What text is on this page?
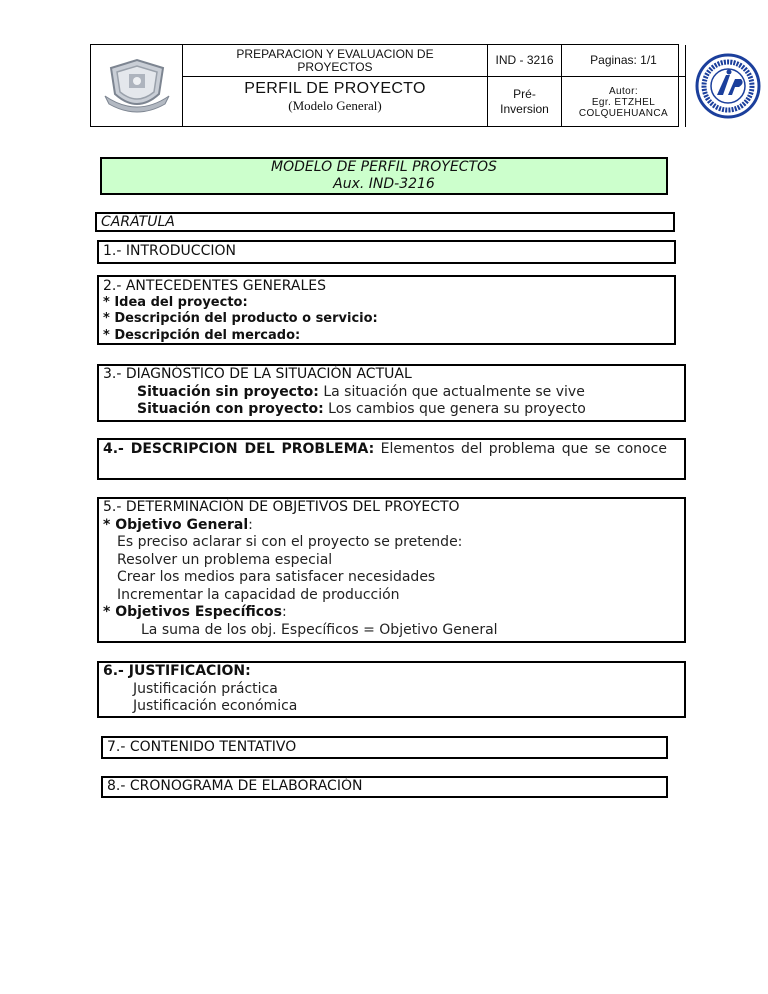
PREPARACION Y EVALUACION DE PROYECTOS	IND - 3216	Paginas: 1/1
PERFIL DE PROYECTO
(Modelo General)
Pré- Inversion
Autor:
Egr. ETZHEL COLQUEHUANCA
MODELO DE PERFIL PROYECTOS
Aux. IND-3216
CARÁTULA
1.- INTRODUCCION
2.- ANTECEDENTES GENERALES
* Idea del proyecto:
* Descripción del producto o servicio:
* Descripción del mercado:
3.- DIAGNÓSTICO DE LA SITUACIÓN ACTUAL
Situación sin proyecto: La situación que actualmente se vive
Situación con proyecto: Los cambios que genera su proyecto
4.- DESCRIPCION DEL PROBLEMA: Elementos del problema que se conoce
5.- DETERMINACIÓN DE OBJETIVOS DEL PROYECTO
* Objetivo General:
Es preciso aclarar si con el proyecto se pretende:
Resolver un problema especial
Crear los medios para satisfacer necesidades
Incrementar la capacidad de producción
* Objetivos Específicos:
La suma de los obj. Específicos = Objetivo General
6.- JUSTIFICACION:
Justificación práctica
Justificación económica
7.- CONTENIDO TENTATIVO
8.- CRONOGRAMA DE ELABORACIÓN
